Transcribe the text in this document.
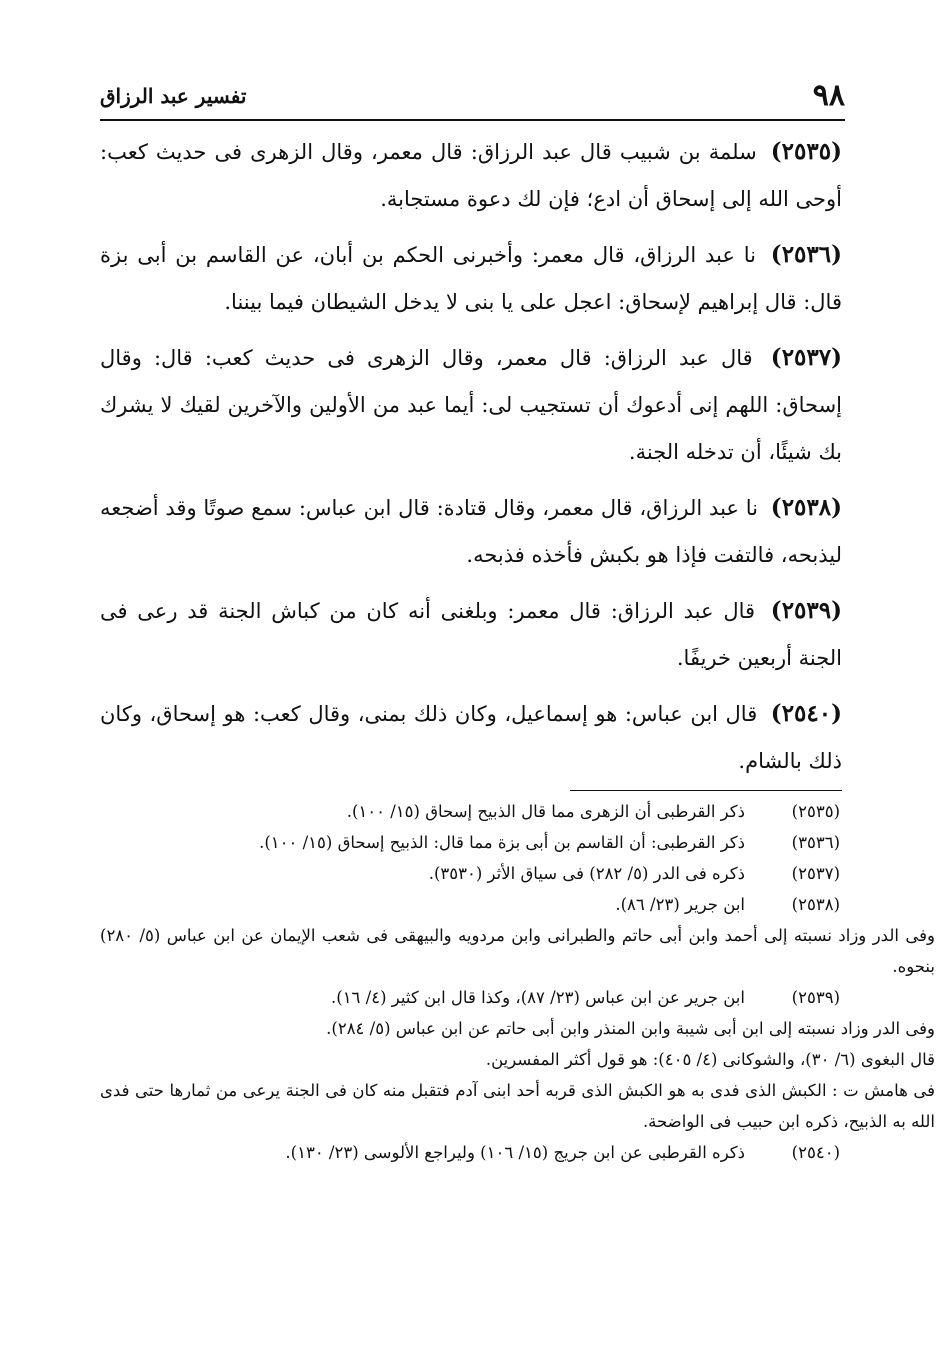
٩٨
تفسير عبد الرزاق

(٢٥٣٥) سلمة بن شبيب قال عبد الرزاق: قال معمر، وقال الزهرى فى حديث كعب: أوحى الله إلى إسحاق أن ادع؛ فإن لك دعوة مستجابة.

(٢٥٣٦) نا عبد الرزاق، قال معمر: وأخبرنى الحكم بن أبان، عن القاسم بن أبى بزة قال: قال إبراهيم لإسحاق: اعجل على يا بنى لا يدخل الشيطان فيما بيننا.

(٢٥٣٧) قال عبد الرزاق: قال معمر، وقال الزهرى فى حديث كعب: قال: وقال إسحاق: اللهم إنى أدعوك أن تستجيب لى: أيما عبد من الأولين والآخرين لقيك لا يشرك بك شيئًا، أن تدخله الجنة.

(٢٥٣٨) نا عبد الرزاق، قال معمر، وقال قتادة: قال ابن عباس: سمع صوتًا وقد أضجعه ليذبحه، فالتفت فإذا هو بكبش فأخذه فذبحه.

(٢٥٣٩) قال عبد الرزاق: قال معمر: وبلغنى أنه كان من كباش الجنة قد رعى فى الجنة أربعين خريفًا.

(٢٥٤٠) قال ابن عباس: هو إسماعيل، وكان ذلك بمنى، وقال كعب: هو إسحاق، وكان ذلك بالشام.

(٢٥٣٥)
ذكر القرطبى أن الزهرى مما قال الذبيح إسحاق (١٥/ ١٠٠).
(٣٥٣٦)
ذكر القرطبى: أن القاسم بن أبى بزة مما قال: الذبيح إسحاق (١٥/ ١٠٠).
(٢٥٣٧)
ذكره فى الدر (٥/ ٢٨٢) فى سياق الأثر (٣٥٣٠).
(٢٥٣٨)
ابن جرير (٢٣/ ٨٦).
وفى الدر وزاد نسبته إلى أحمد وابن أبى حاتم والطبرانى وابن مردويه والبيهقى فى شعب الإيمان عن ابن عباس (٥/ ٢٨٠) بنحوه.
(٢٥٣٩)
ابن جرير عن ابن عباس (٢٣/ ٨٧)، وكذا قال ابن كثير (٤/ ١٦).
وفى الدر وزاد نسبته إلى ابن أبى شيبة وابن المنذر وابن أبى حاتم عن ابن عباس (٥/ ٢٨٤).
قال البغوى (٦/ ٣٠)، والشوكانى (٤/ ٤٠٥): هو قول أكثر المفسرين.
فى هامش ت : الكبش الذى فدى به هو الكبش الذى قربه أحد ابنى آدم فتقبل منه كان فى الجنة يرعى من ثمارها حتى فدى الله به الذبيح، ذكره ابن حبيب فى الواضحة.
(٢٥٤٠)
ذكره القرطبى عن ابن جريج (١٥/ ١٠٦) وليراجع الألوسى (٢٣/ ١٣٠).
